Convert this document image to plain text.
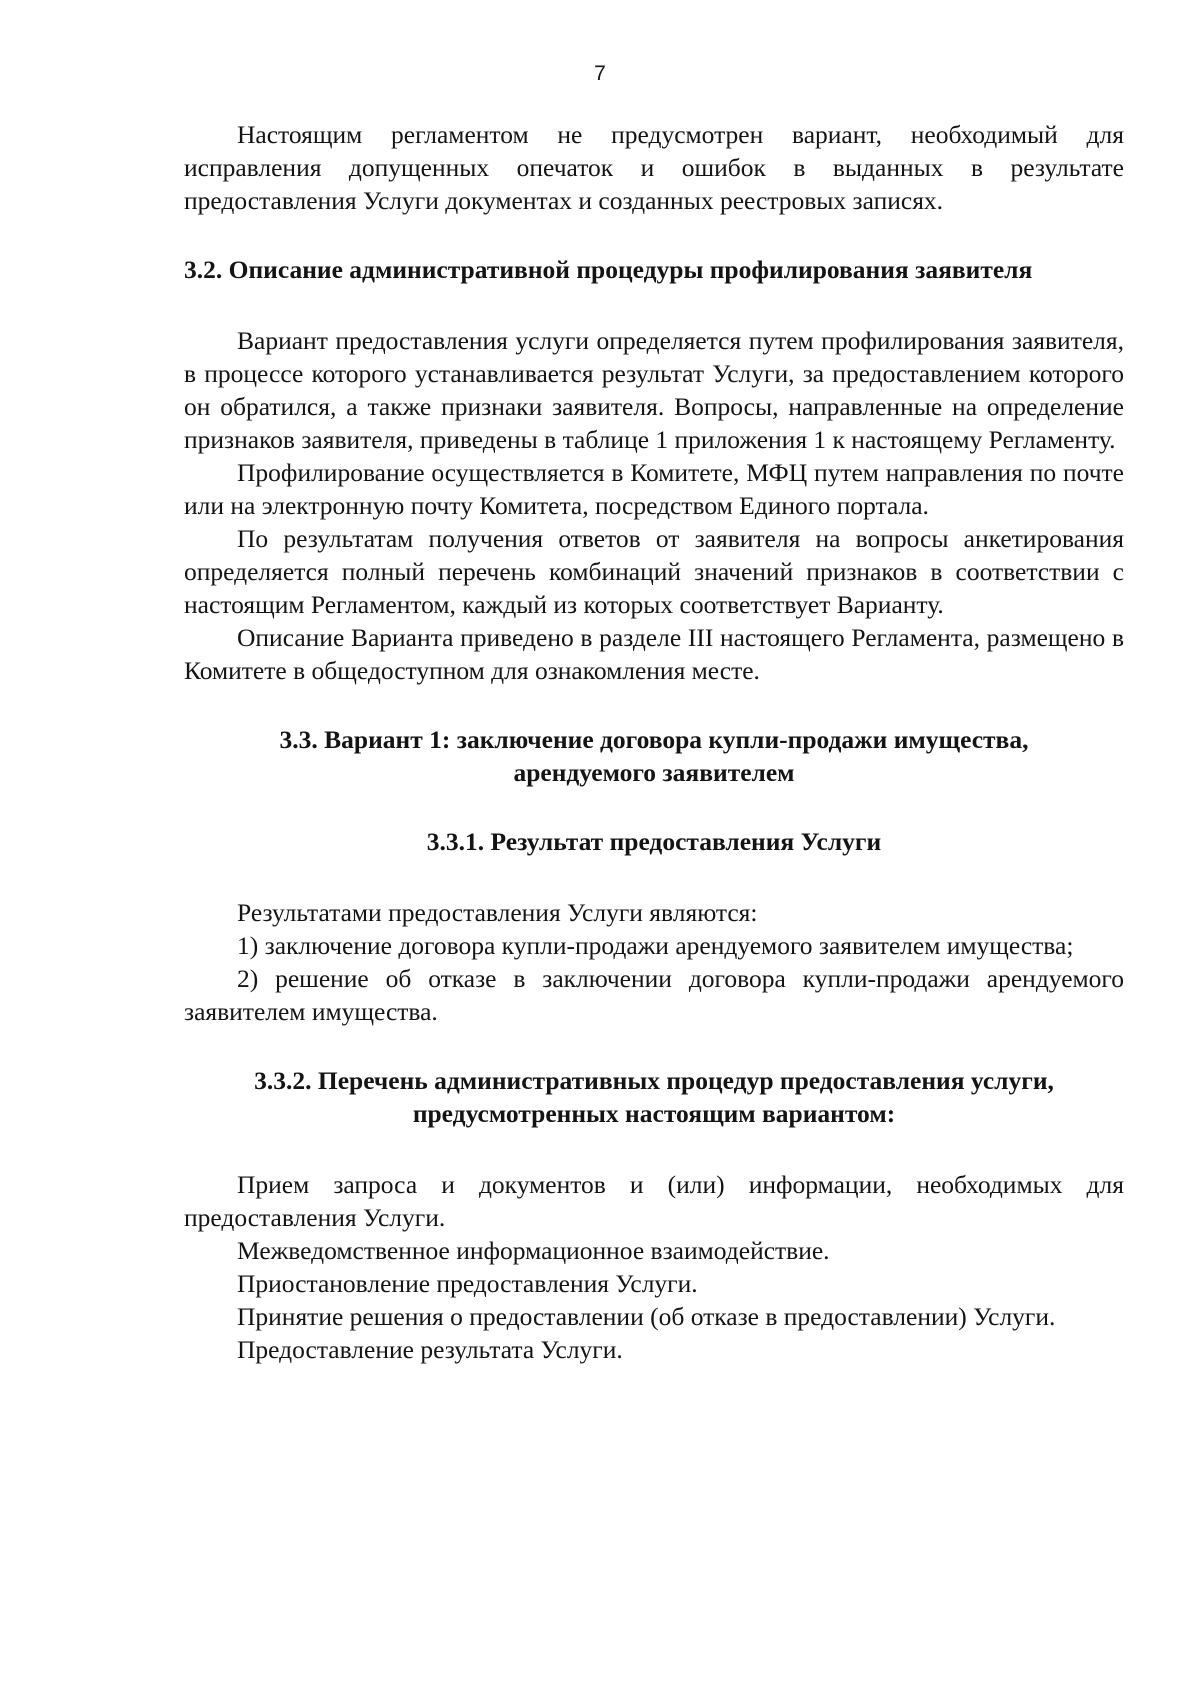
7

Настоящим регламентом не предусмотрен вариант, необходимый для исправления допущенных опечаток и ошибок в выданных в результате предоставления Услуги документах и созданных реестровых записях.

3.2. Описание административной процедуры профилирования заявителя

Вариант предоставления услуги определяется путем профилирования заявителя, в процессе которого устанавливается результат Услуги, за предоставлением которого он обратился, а также признаки заявителя. Вопросы, направленные на определение признаков заявителя, приведены в таблице 1 приложения 1 к настоящему Регламенту.

Профилирование осуществляется в Комитете, МФЦ путем направления по почте или на электронную почту Комитета, посредством Единого портала.

По результатам получения ответов от заявителя на вопросы анкетирования определяется полный перечень комбинаций значений признаков в соответствии с настоящим Регламентом, каждый из которых соответствует Варианту.

Описание Варианта приведено в разделе III настоящего Регламента, размещено в Комитете в общедоступном для ознакомления месте.

3.3. Вариант 1: заключение договора купли-продажи имущества,

арендуемого заявителем

3.3.1. Результат предоставления Услуги

Результатами предоставления Услуги являются:

1) заключение договора купли-продажи арендуемого заявителем имущества;

2) решение об отказе в заключении договора купли-продажи арендуемого заявителем имущества.

3.3.2. Перечень административных процедур предоставления услуги,

предусмотренных настоящим вариантом:

Прием запроса и документов и (или) информации, необходимых для предоставления Услуги.

Межведомственное информационное взаимодействие.

Приостановление предоставления Услуги.

Принятие решения о предоставлении (об отказе в предоставлении) Услуги.

Предоставление результата Услуги.
